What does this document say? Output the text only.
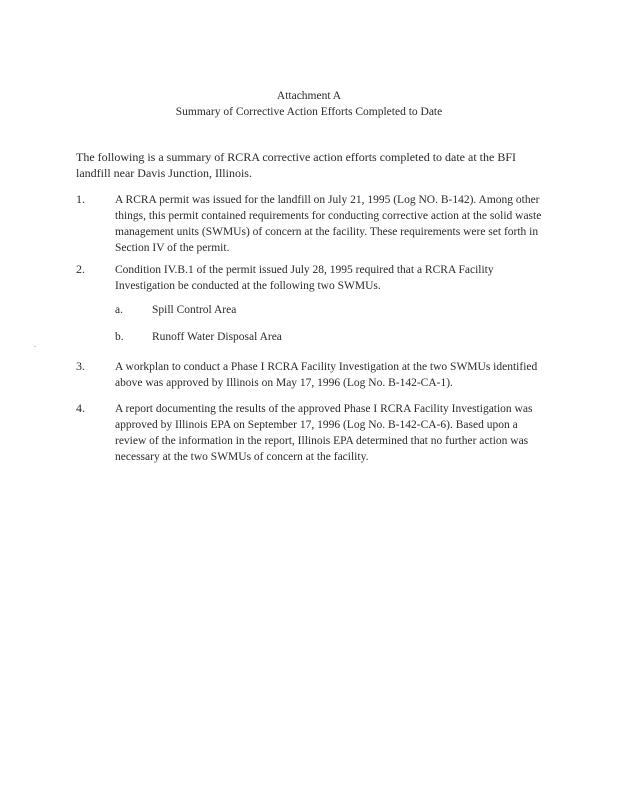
Attachment A
Summary of Corrective Action Efforts Completed to Date
The following is a summary of RCRA corrective action efforts completed to date at the BFI landfill near Davis Junction, Illinois.
1.	A RCRA permit was issued for the landfill on July 21, 1995 (Log NO. B-142). Among other things, this permit contained requirements for conducting corrective action at the solid waste management units (SWMUs) of concern at the facility. These requirements were set forth in Section IV of the permit.
2.	Condition IV.B.1 of the permit issued July 28, 1995 required that a RCRA Facility Investigation be conducted at the following two SWMUs.
a.	Spill Control Area
.
b. Runoff Water Disposal Area
3.	A workplan to conduct a Phase I RCRA Facility Investigation at the two SWMUs identified above was approved by Illinois on May 17, 1996 (Log No. B-142-CA-1).
4.	A report documenting the results of the approved Phase I RCRA Facility Investigation was approved by Illinois EPA on September 17, 1996 (Log No. B-142-CA-6). Based upon a review of the information in the report, Illinois EPA determined that no further action was necessary at the two SWMUs of concern at the facility.
